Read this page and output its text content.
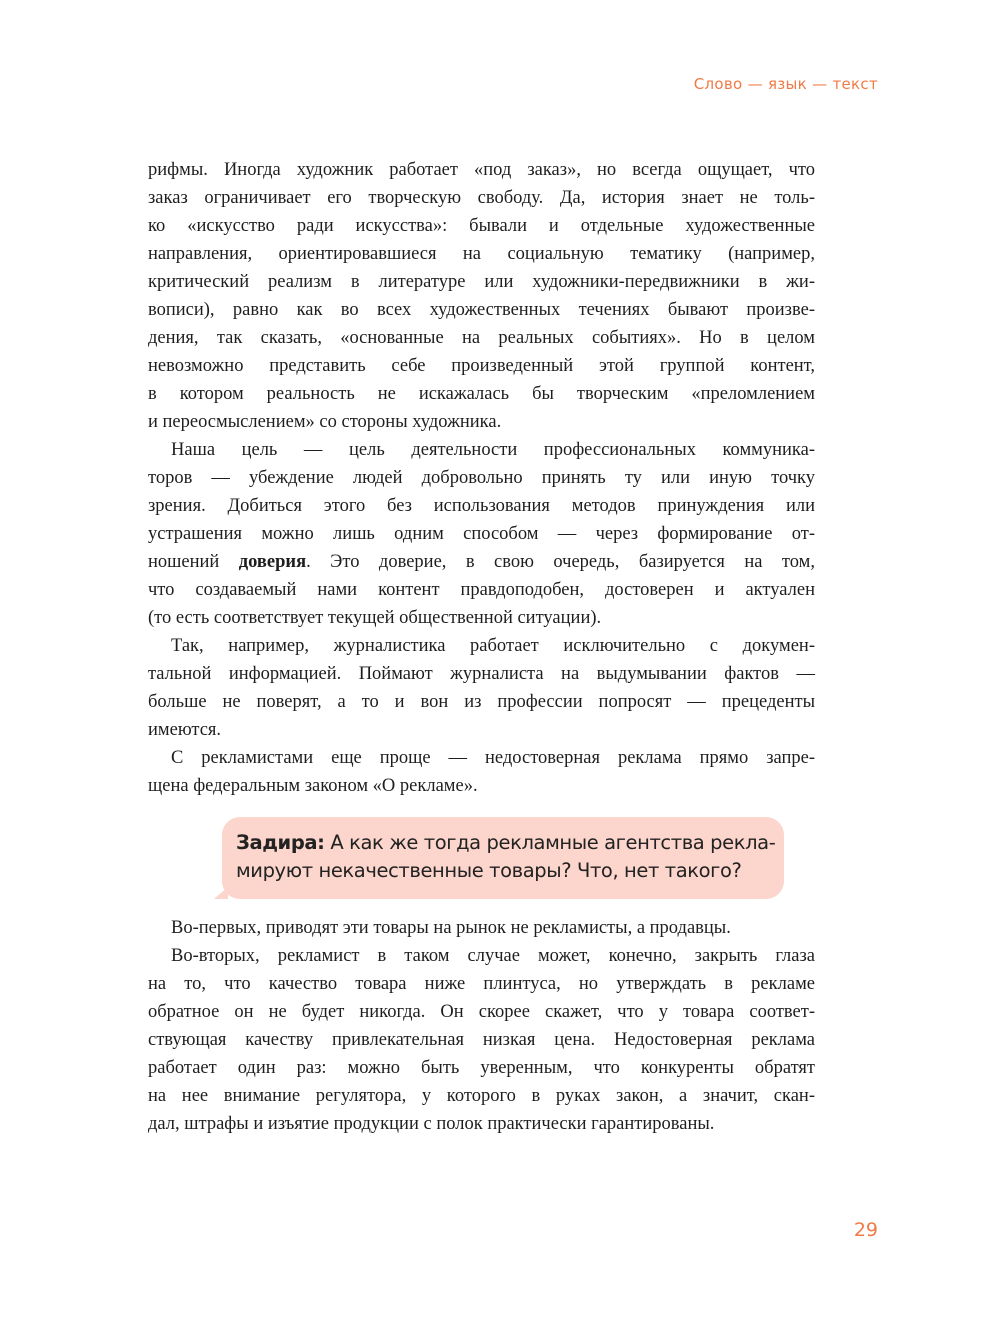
Слово — язык — текст
рифмы. Иногда художник работает «под заказ», но всегда ощущает, что
заказ ограничивает его творческую свободу. Да, история знает не толь-
ко «искусство ради искусства»: бывали и отдельные художественные
направления, ориентировавшиеся на социальную тематику (например,
критический реализм в литературе или художники-передвижники в жи-
вописи), равно как во всех художественных течениях бывают произве-
дения, так сказать, «основанные на реальных событиях». Но в целом
невозможно представить себе произведенный этой группой контент,
в котором реальность не искажалась бы творческим «преломлением
и переосмыслением» со стороны художника.
Наша цель — цель деятельности профессиональных коммуника-
торов — убеждение людей добровольно принять ту или иную точку
зрения. Добиться этого без использования методов принуждения или
устрашения можно лишь одним способом — через формирование от-
ношений доверия. Это доверие, в свою очередь, базируется на том,
что создаваемый нами контент правдоподобен, достоверен и актуален
(то есть соответствует текущей общественной ситуации).
Так, например, журналистика работает исключительно с докумен-
тальной информацией. Поймают журналиста на выдумывании фактов —
больше не поверят, а то и вон из профессии попросят — прецеденты
имеются.
С рекламистами еще проще — недостоверная реклама прямо запре-
щена федеральным законом «О рекламе».
Задира: А как же тогда рекламные агентства рекла-
мируют некачественные товары? Что, нет такого?
Во-первых, приводят эти товары на рынок не рекламисты, а продавцы.
Во-вторых, рекламист в таком случае может, конечно, закрыть глаза
на то, что качество товара ниже плинтуса, но утверждать в рекламе
обратное он не будет никогда. Он скорее скажет, что у товара соответ-
ствующая качеству привлекательная низкая цена. Недостоверная реклама
работает один раз: можно быть уверенным, что конкуренты обратят
на нее внимание регулятора, у которого в руках закон, а значит, скан-
дал, штрафы и изъятие продукции с полок практически гарантированы.
29
